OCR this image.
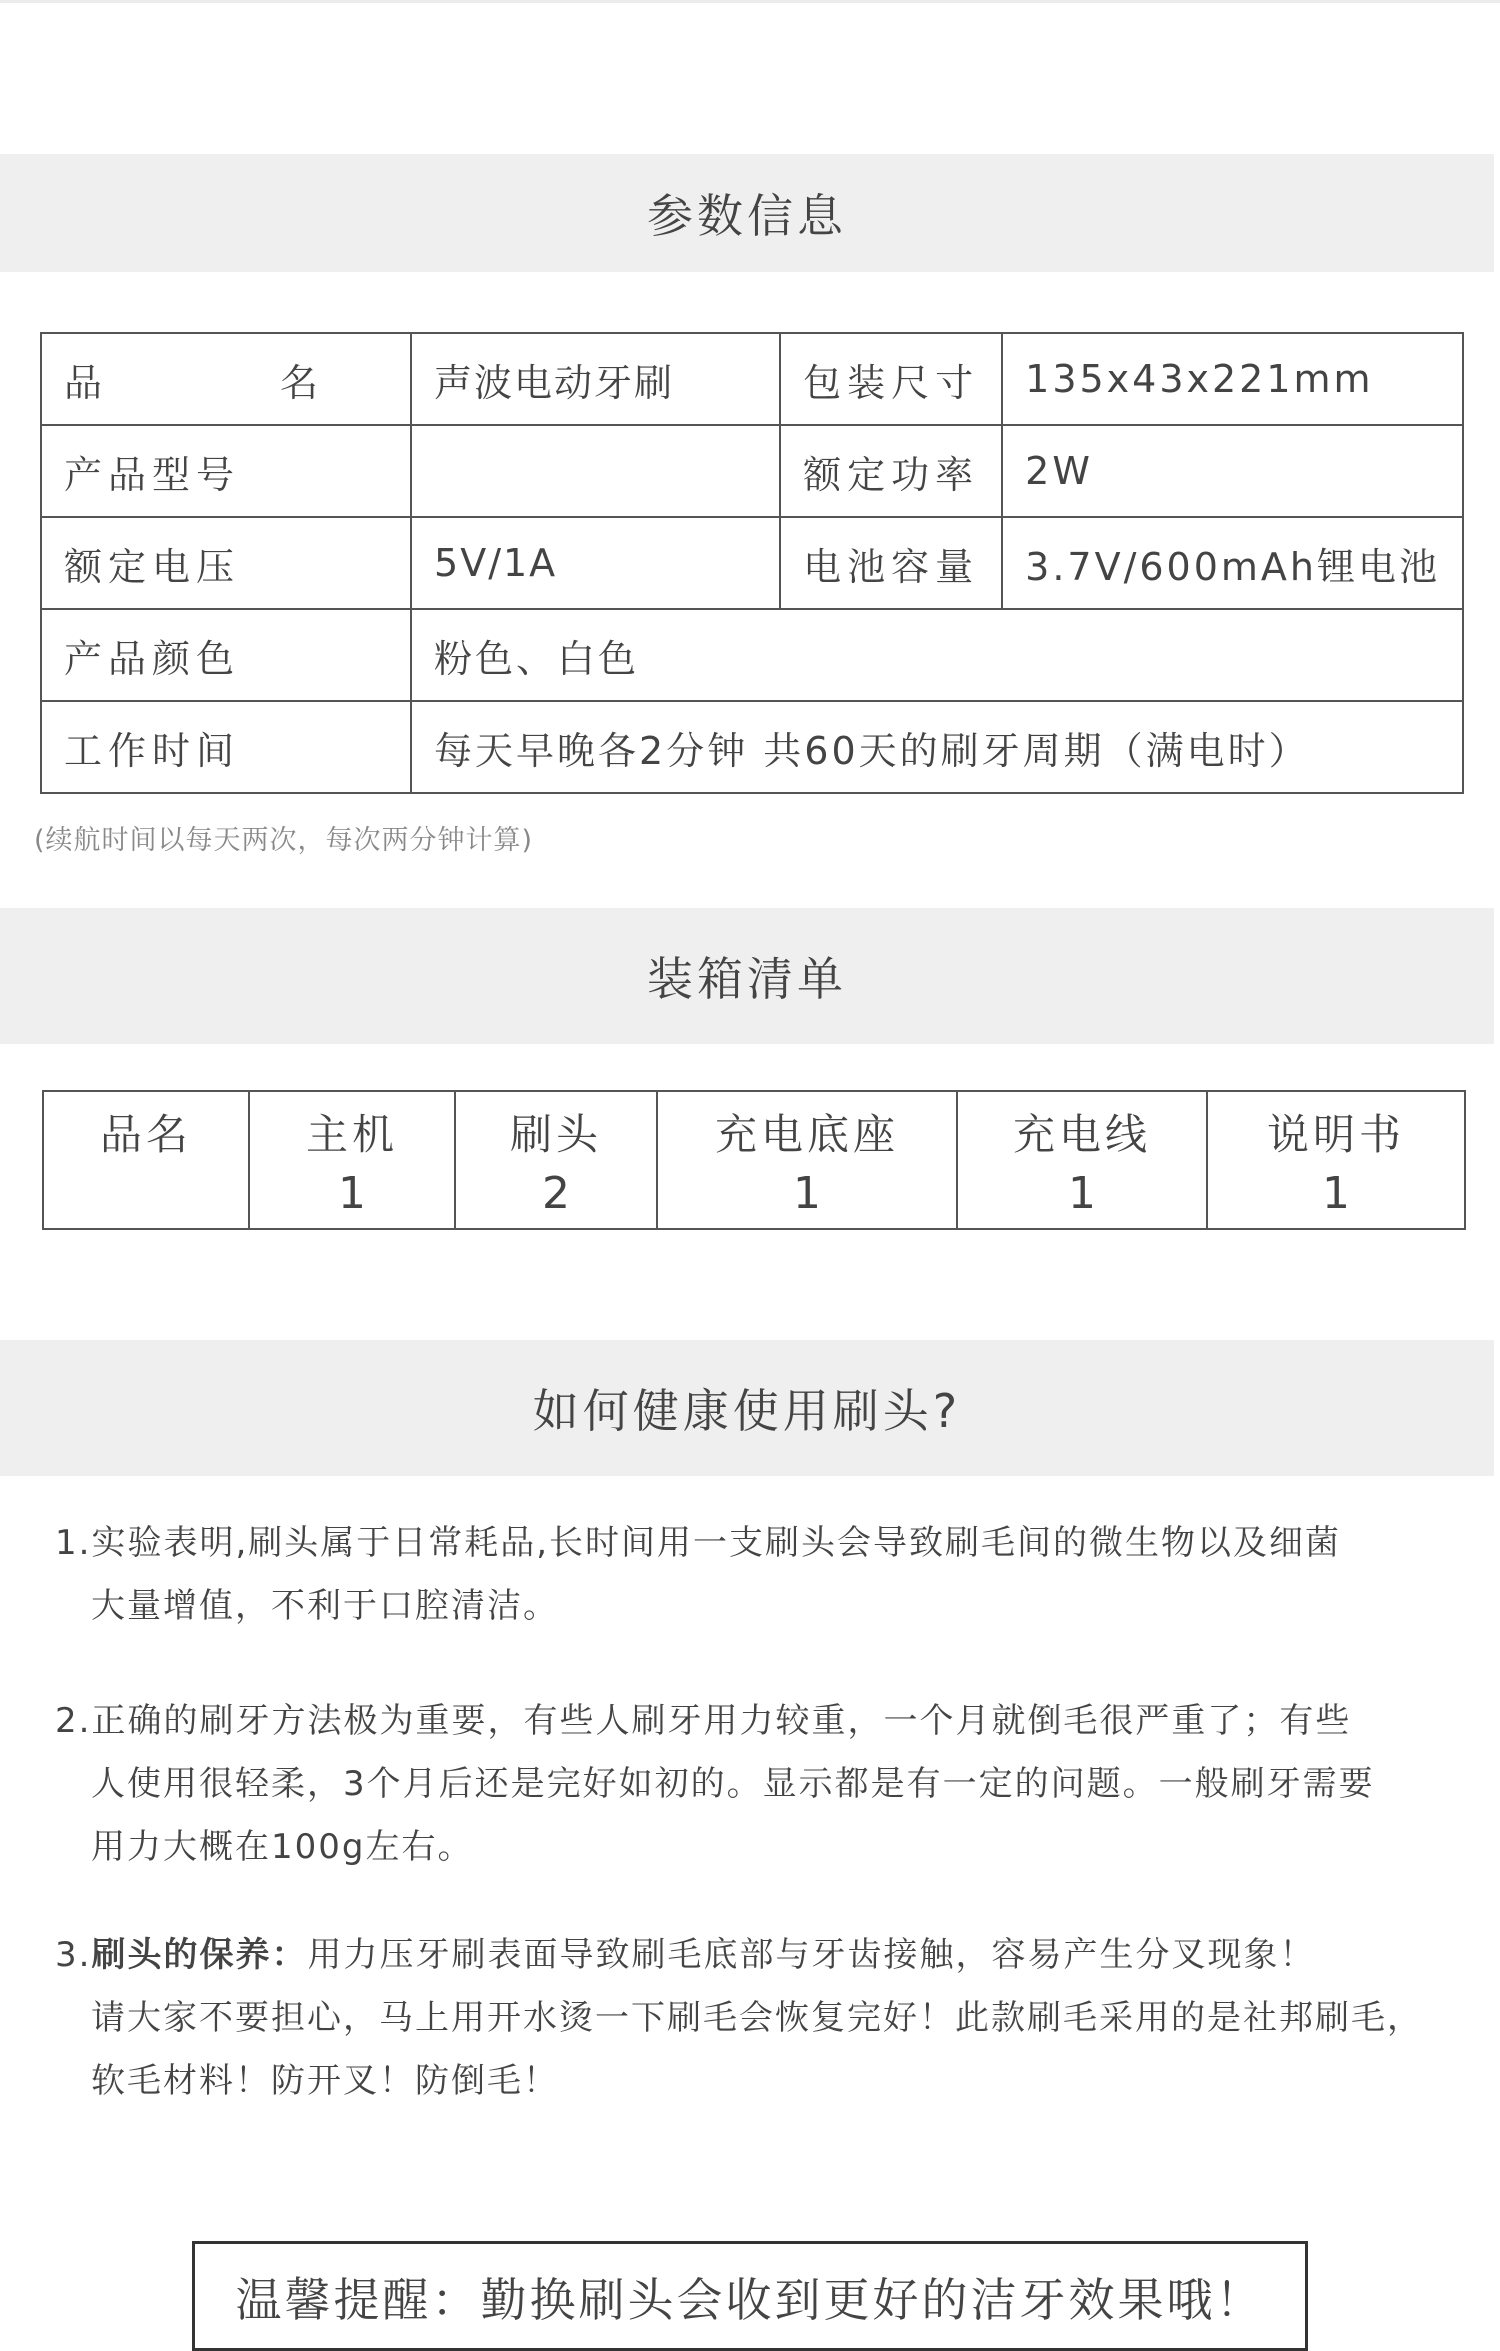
参数信息
品　名	声波电动牙刷	包装尺寸	135x43x221mm
产品型号		额定功率	2W
额定电压	5V/1A	电池容量	3.7V/600mAh锂电池
产品颜色	粉色、白色		
工作时间	每天早晚各2分钟 共60天的刷牙周期（满电时）		
(续航时间以每天两次，每次两分钟计算)
装箱清单
品名	主机	刷头	充电底座	充电线	说明书
	1	2	1	1	1
如何健康使用刷头?
1.实验表明,刷头属于日常耗品,长时间用一支刷头会导致刷毛间的微生物以及细菌
大量增值，不利于口腔清洁。
2.正确的刷牙方法极为重要，有些人刷牙用力较重，一个月就倒毛很严重了；有些
人使用很轻柔，3个月后还是完好如初的。显示都是有一定的问题。一般刷牙需要
用力大概在100g左右。
3.刷头的保养：用力压牙刷表面导致刷毛底部与牙齿接触，容易产生分叉现象！
请大家不要担心，马上用开水烫一下刷毛会恢复完好！此款刷毛采用的是社邦刷毛，
软毛材料！防开叉！防倒毛！
温馨提醒：勤换刷头会收到更好的洁牙效果哦！
